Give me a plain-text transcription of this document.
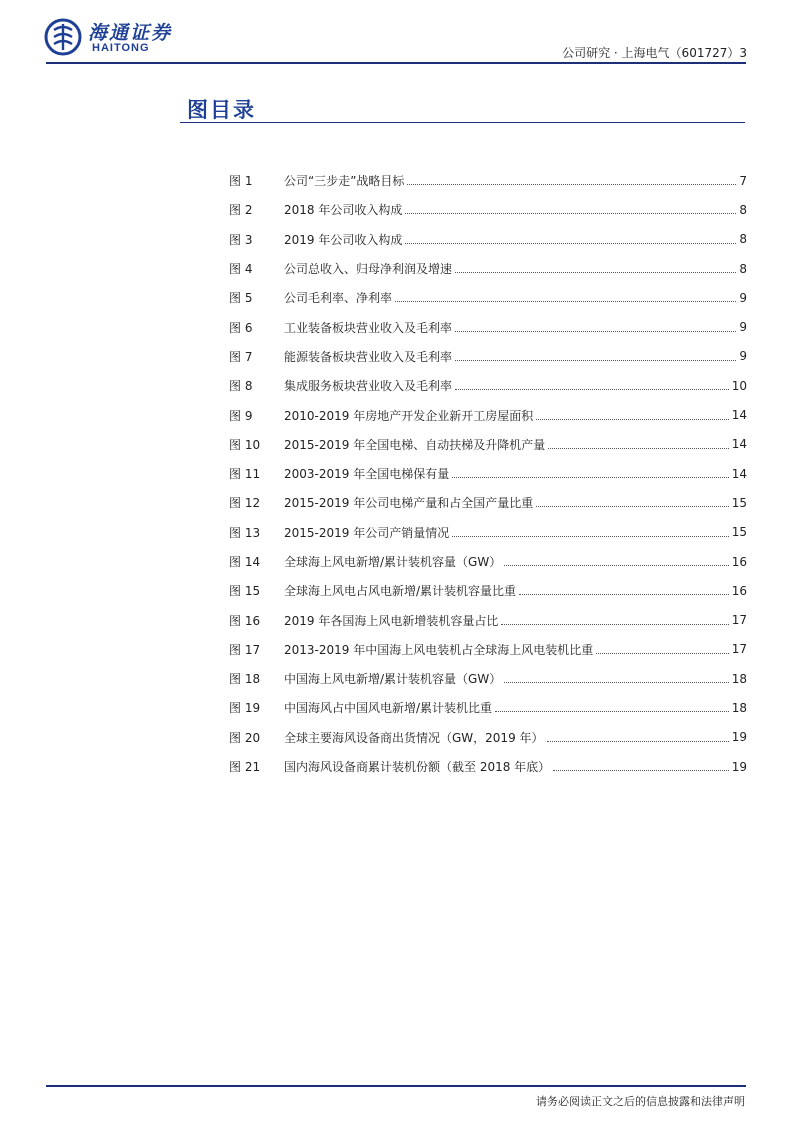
海通证券
HAITONG	公司研究 · 上海电气（601727）3
图目录
图 1	公司“三步走”战略目标	7
图 2	2018 年公司收入构成	8
图 3	2019 年公司收入构成	8
图 4	公司总收入、归母净利润及增速	8
图 5	公司毛利率、净利率	9
图 6	工业装备板块营业收入及毛利率	9
图 7	能源装备板块营业收入及毛利率	9
图 8	集成服务板块营业收入及毛利率	10
图 9	2010-2019 年房地产开发企业新开工房屋面积	14
图 10	2015-2019 年全国电梯、自动扶梯及升降机产量	14
图 11	2003-2019 年全国电梯保有量	14
图 12	2015-2019 年公司电梯产量和占全国产量比重	15
图 13	2015-2019 年公司产销量情况	15
图 14	全球海上风电新增/累计装机容量（GW）	16
图 15	全球海上风电占风电新增/累计装机容量比重	16
图 16	2019 年各国海上风电新增装机容量占比	17
图 17	2013-2019 年中国海上风电装机占全球海上风电装机比重	17
图 18	中国海上风电新增/累计装机容量（GW）	18
图 19	中国海风占中国风电新增/累计装机比重	18
图 20	全球主要海风设备商出货情况（GW，2019 年）	19
图 21	国内海风设备商累计装机份额（截至 2018 年底）	19
请务必阅读正文之后的信息披露和法律声明
